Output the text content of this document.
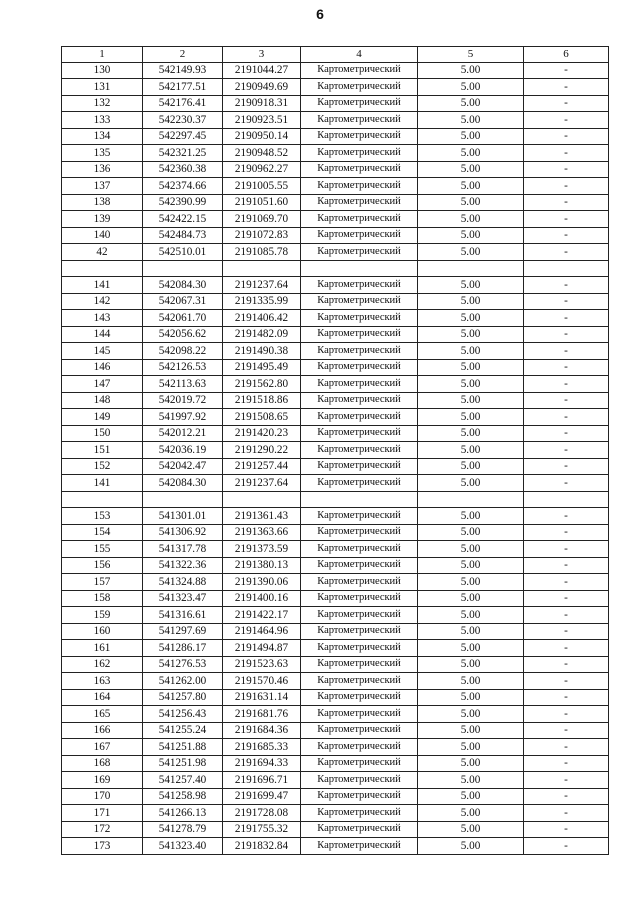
6
1	2	3	4	5	6
130	542149.93	2191044.27	Картометрический	5.00	-
131	542177.51	2190949.69	Картометрический	5.00	-
132	542176.41	2190918.31	Картометрический	5.00	-
133	542230.37	2190923.51	Картометрический	5.00	-
134	542297.45	2190950.14	Картометрический	5.00	-
135	542321.25	2190948.52	Картометрический	5.00	-
136	542360.38	2190962.27	Картометрический	5.00	-
137	542374.66	2191005.55	Картометрический	5.00	-
138	542390.99	2191051.60	Картометрический	5.00	-
139	542422.15	2191069.70	Картометрический	5.00	-
140	542484.73	2191072.83	Картометрический	5.00	-
42	542510.01	2191085.78	Картометрический	5.00	-

141	542084.30	2191237.64	Картометрический	5.00	-
142	542067.31	2191335.99	Картометрический	5.00	-
143	542061.70	2191406.42	Картометрический	5.00	-
144	542056.62	2191482.09	Картометрический	5.00	-
145	542098.22	2191490.38	Картометрический	5.00	-
146	542126.53	2191495.49	Картометрический	5.00	-
147	542113.63	2191562.80	Картометрический	5.00	-
148	542019.72	2191518.86	Картометрический	5.00	-
149	541997.92	2191508.65	Картометрический	5.00	-
150	542012.21	2191420.23	Картометрический	5.00	-
151	542036.19	2191290.22	Картометрический	5.00	-
152	542042.47	2191257.44	Картометрический	5.00	-
141	542084.30	2191237.64	Картометрический	5.00	-

153	541301.01	2191361.43	Картометрический	5.00	-
154	541306.92	2191363.66	Картометрический	5.00	-
155	541317.78	2191373.59	Картометрический	5.00	-
156	541322.36	2191380.13	Картометрический	5.00	-
157	541324.88	2191390.06	Картометрический	5.00	-
158	541323.47	2191400.16	Картометрический	5.00	-
159	541316.61	2191422.17	Картометрический	5.00	-
160	541297.69	2191464.96	Картометрический	5.00	-
161	541286.17	2191494.87	Картометрический	5.00	-
162	541276.53	2191523.63	Картометрический	5.00	-
163	541262.00	2191570.46	Картометрический	5.00	-
164	541257.80	2191631.14	Картометрический	5.00	-
165	541256.43	2191681.76	Картометрический	5.00	-
166	541255.24	2191684.36	Картометрический	5.00	-
167	541251.88	2191685.33	Картометрический	5.00	-
168	541251.98	2191694.33	Картометрический	5.00	-
169	541257.40	2191696.71	Картометрический	5.00	-
170	541258.98	2191699.47	Картометрический	5.00	-
171	541266.13	2191728.08	Картометрический	5.00	-
172	541278.79	2191755.32	Картометрический	5.00	-
173	541323.40	2191832.84	Картометрический	5.00	-
